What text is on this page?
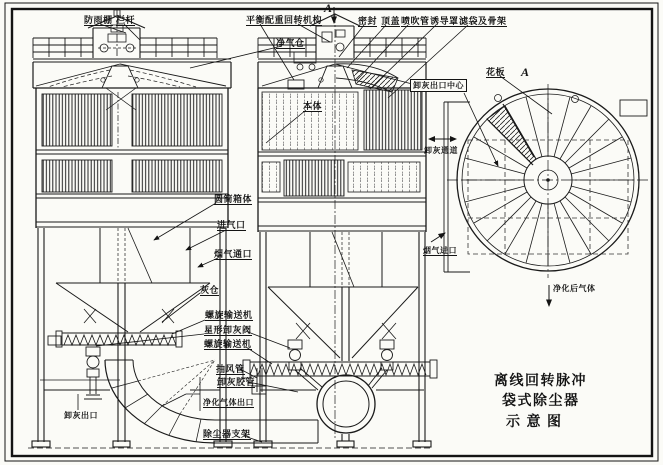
防雨棚 栏杆
净气仓
本体
平衡配重 回转机构
A
密封 顶盖 喷吹管 诱导罩 滤袋及骨架
花板 A
卸灰出口中心
卸灰通道
烟气进口
净化后气体
圆筒箱体
进气口
烟气通口
灰仓
螺旋输送机
星形卸灰阀
螺旋输送机
抽风管
卸灰胶管
净化气体出口
除尘器支架
卸灰出口
离线回转脉冲
袋式除尘器
示 意 图
